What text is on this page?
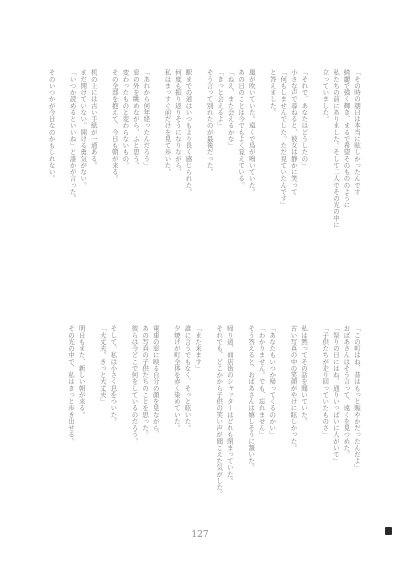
「その時の朝日は本当に眩しかったんです
綺麗で強く輝き、まるで希望そのもののように
私たちの前にありました。そして二人でその光の中に
立っていました。
「それで、あなたはどうしたの」
小さな声で尋ねると、彼女は静かに笑って
「何もしませんでした。ただ見ていたんです」
と答えました。
風が吹いていた。遠くで鳥が鳴いていた。
あの日のことは今でもよく覚えている。
「ねえ、また会えるかな」
「きっと会えるよ」
そう言って別れたのが最後だった。
駅までの道はいつもより長く感じられた。
何度も振り返りそうになりながら、
私はまっすぐ前だけを見て歩いた。
「あれから何年経ったんだろう」
窓の外を眺めながら、ふと思う。
変わったものと変わらないもの。
その全部を抱えて、今日も朝が来る。
机の上には古い手紙が一通ある。
まだ開けていない。開ける勇気がない。
「いつか読めるといいね」と誰かが言った。
そのいつかが今日なのかもしれない。
「この町はね、昔はもっと賑やかだったんだよ」
おばあさんはそう言って、遠くを見つめた。
「祭りの日にはね、通りいっぱいに人がいて」
「子供たちが走り回っていたものさ」
私は黙ってその話を聞いていた。
古い写真の中の笑顔がやけに眩しかった。
「あなたもいつか帰ってくるのかい」
「わかりません。でも、忘れません」
そう答えると、おばあさんは嬉しそうに頷いた。
帰り道、商店街のシャッターはどれも閉まっていた。
それでも、どこかから子供の笑い声が聞こえた気がした。
「また来ます」
誰に言うでもなく、そっと呟いた。
夕焼けが町全体を赤く染めていた。
電車の窓に映る自分の顔を見ながら、
あの写真の子供たちのことを思った。
彼らは今どこで何をしているのだろう。
そして、私は小さく息をついた。
「大丈夫。きっと大丈夫」
明日もまた、新しい朝が来る。
その光の中で、私はきっと歩き出せる。
127
